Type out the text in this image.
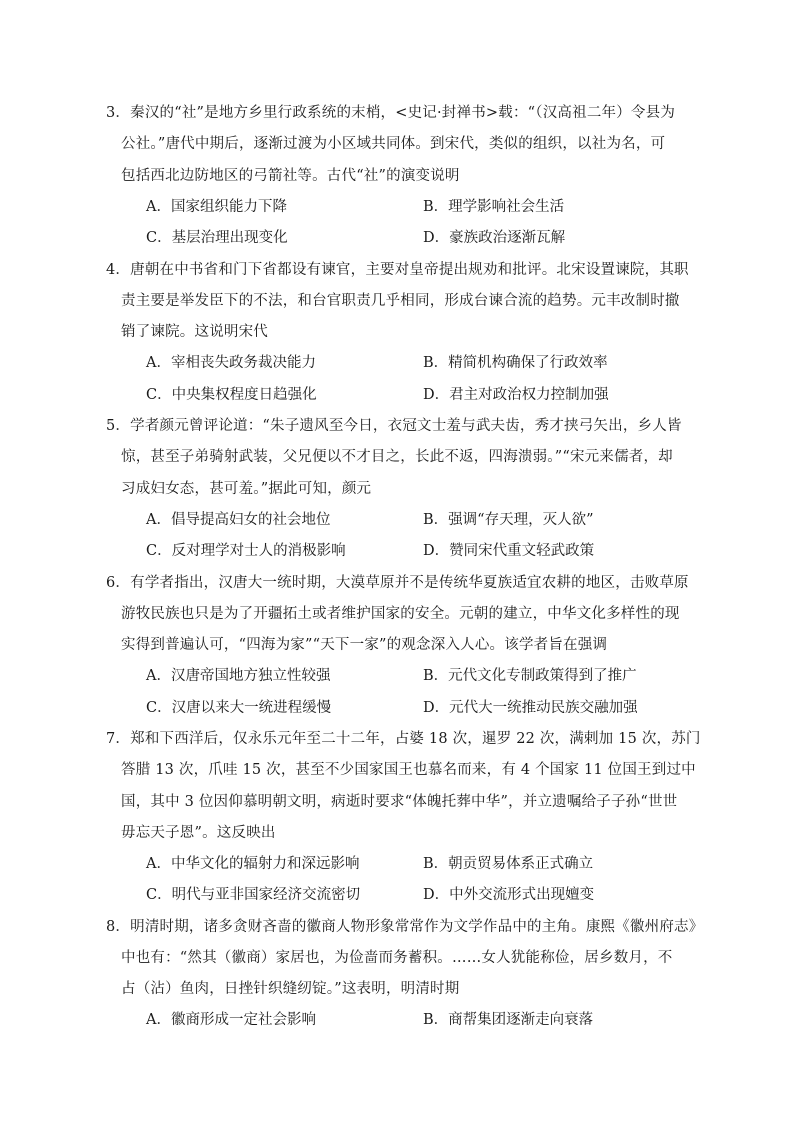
3．秦汉的“社”是地方乡里行政系统的末梢，<史记·封禅书>载：“（汉高祖二年）令县为
公社。”唐代中期后，逐渐过渡为小区域共同体。到宋代，类似的组织，以社为名，可
包括西北边防地区的弓箭社等。古代“社”的演变说明
A．国家组织能力下降	B．理学影响社会生活
C．基层治理出现变化	D．豪族政治逐渐瓦解
4．唐朝在中书省和门下省都设有谏官，主要对皇帝提出规劝和批评。北宋设置谏院，其职
责主要是举发臣下的不法，和台官职责几乎相同，形成台谏合流的趋势。元丰改制时撤
销了谏院。这说明宋代
A．宰相丧失政务裁决能力	B．精简机构确保了行政效率
C．中央集权程度日趋强化	D．君主对政治权力控制加强
5．学者颜元曾评论道：“朱子遗风至今日，衣冠文士羞与武夫齿，秀才挟弓矢出，乡人皆
惊，甚至子弟骑射武装，父兄便以不才目之，长此不返，四海溃弱。”“宋元来儒者，却
习成妇女态，甚可羞。”据此可知，颜元
A．倡导提高妇女的社会地位	B．强调“存天理，灭人欲”
C．反对理学对士人的消极影响	D．赞同宋代重文轻武政策
6．有学者指出，汉唐大一统时期，大漠草原并不是传统华夏族适宜农耕的地区，击败草原
游牧民族也只是为了开疆拓土或者维护国家的安全。元朝的建立，中华文化多样性的现
实得到普遍认可，“四海为家”“天下一家”的观念深入人心。该学者旨在强调
A．汉唐帝国地方独立性较强	B．元代文化专制政策得到了推广
C．汉唐以来大一统进程缓慢	D．元代大一统推动民族交融加强
7．郑和下西洋后，仅永乐元年至二十二年，占婆 18 次，暹罗 22 次，满剌加 15 次，苏门
答腊 13 次，爪哇 15 次，甚至不少国家国王也慕名而来，有 4 个国家 11 位国王到过中
国，其中 3 位因仰慕明朝文明，病逝时要求“体魄托葬中华”，并立遗嘱给子子孙“世世
毋忘天子恩”。这反映出
A．中华文化的辐射力和深远影响	B．朝贡贸易体系正式确立
C．明代与亚非国家经济交流密切	D．中外交流形式出现嬗变
8．明清时期，诸多贪财吝啬的徽商人物形象常常作为文学作品中的主角。康熙《徽州府志》
中也有：“然其（徽商）家居也，为俭啬而务蓄积。……女人犹能称俭，居乡数月，不
占（沾）鱼肉，日挫针织缝纫锭。”这表明，明清时期
A．徽商形成一定社会影响	B．商帮集团逐渐走向衰落
